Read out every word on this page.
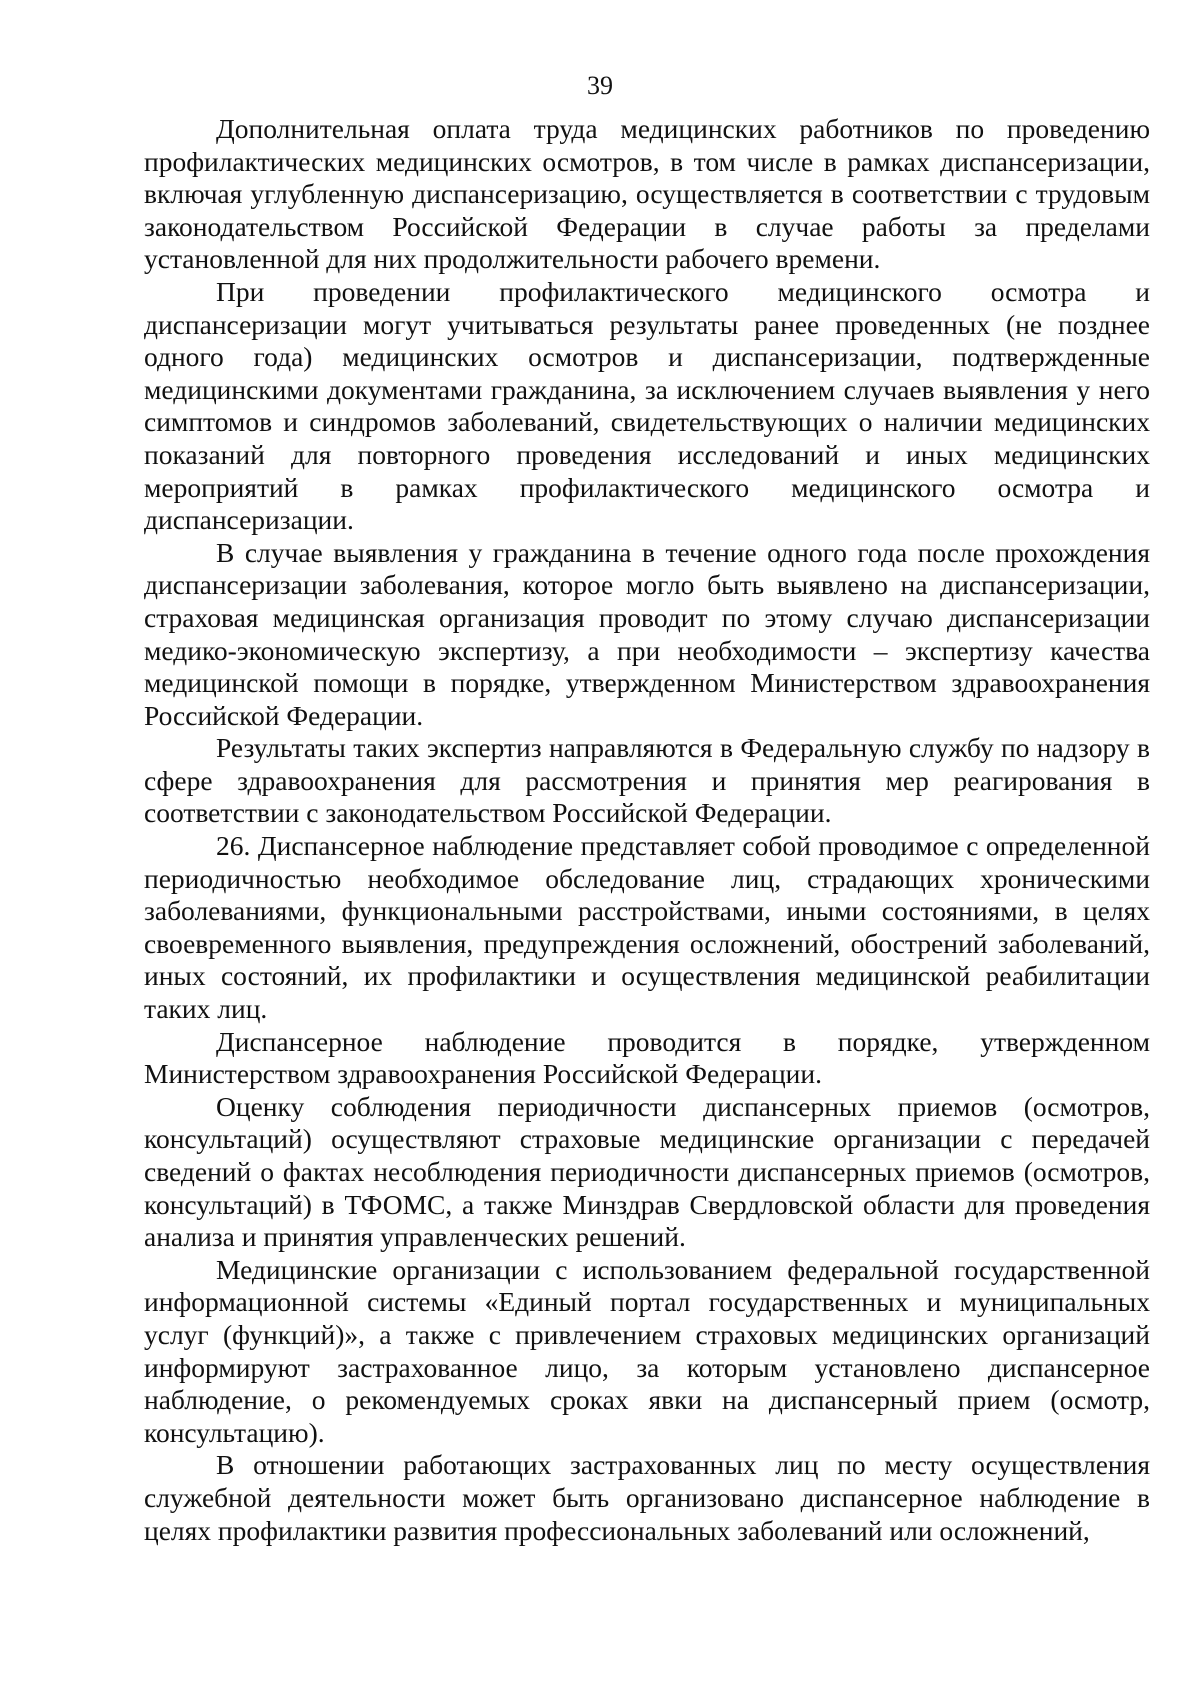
39

Дополнительная оплата труда медицинских работников по проведению профилактических медицинских осмотров, в том числе в рамках диспансеризации, включая углубленную диспансеризацию, осуществляется в соответствии с трудовым законодательством Российской Федерации в случае работы за пределами установленной для них продолжительности рабочего времени.

При проведении профилактического медицинского осмотра и диспансеризации могут учитываться результаты ранее проведенных (не позднее одного года) медицинских осмотров и диспансеризации, подтвержденные медицинскими документами гражданина, за исключением случаев выявления у него симптомов и синдромов заболеваний, свидетельствующих о наличии медицинских показаний для повторного проведения исследований и иных медицинских мероприятий в рамках профилактического медицинского осмотра и диспансеризации.

В случае выявления у гражданина в течение одного года после прохождения диспансеризации заболевания, которое могло быть выявлено на диспансеризации, страховая медицинская организация проводит по этому случаю диспансеризации медико-экономическую экспертизу, а при необходимости – экспертизу качества медицинской помощи в порядке, утвержденном Министерством здравоохранения Российской Федерации.

Результаты таких экспертиз направляются в Федеральную службу по надзору в сфере здравоохранения для рассмотрения и принятия мер реагирования в соответствии с законодательством Российской Федерации.

26. Диспансерное наблюдение представляет собой проводимое с определенной периодичностью необходимое обследование лиц, страдающих хроническими заболеваниями, функциональными расстройствами, иными состояниями, в целях своевременного выявления, предупреждения осложнений, обострений заболеваний, иных состояний, их профилактики и осуществления медицинской реабилитации таких лиц.

Диспансерное наблюдение проводится в порядке, утвержденном Министерством здравоохранения Российской Федерации.

Оценку соблюдения периодичности диспансерных приемов (осмотров, консультаций) осуществляют страховые медицинские организации с передачей сведений о фактах несоблюдения периодичности диспансерных приемов (осмотров, консультаций) в ТФОМС, а также Минздрав Свердловской области для проведения анализа и принятия управленческих решений.

Медицинские организации с использованием федеральной государственной информационной системы «Единый портал государственных и муниципальных услуг (функций)», а также с привлечением страховых медицинских организаций информируют застрахованное лицо, за которым установлено диспансерное наблюдение, о рекомендуемых сроках явки на диспансерный прием (осмотр, консультацию).

В отношении работающих застрахованных лиц по месту осуществления служебной деятельности может быть организовано диспансерное наблюдение в целях профилактики развития профессиональных заболеваний или осложнений,
